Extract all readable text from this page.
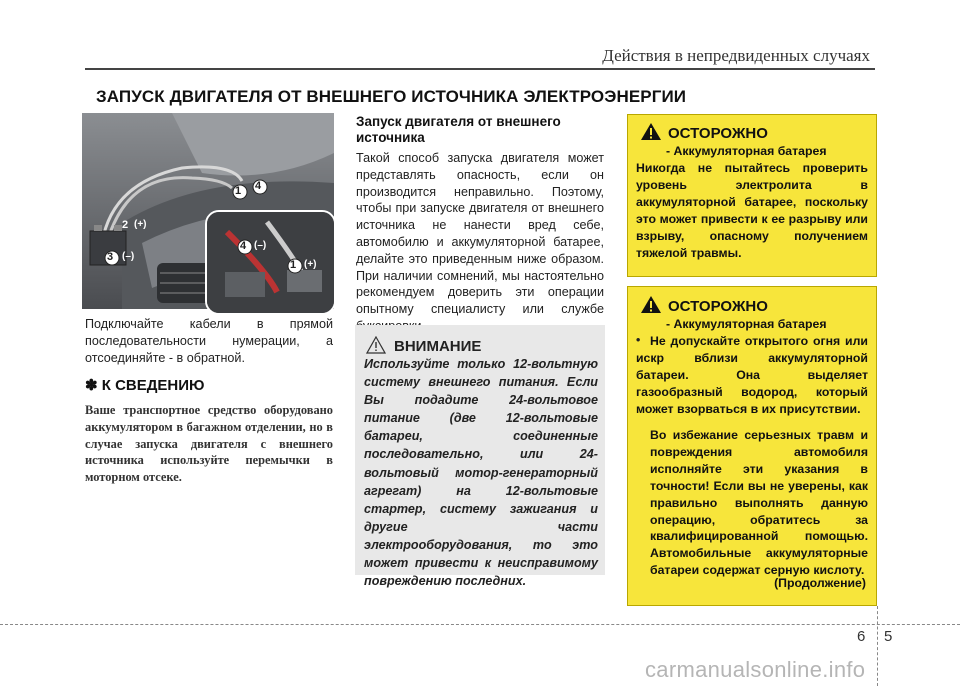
Действия в непредвиденных случаях
ЗАПУСК ДВИГАТЕЛЯ ОТ ВНЕШНЕГО ИСТОЧНИКА ЭЛЕКТРОЭНЕРГИИ
1 4
3 (–)
2 (+)
4 (–)
1 (+)
Подключайте кабели в прямой последовательности нумерации, а отсоединяйте - в обратной.
✽ К СВЕДЕНИЮ
Ваше транспортное средство оборудовано аккумулятором в багажном отделении, но в случае запуска двигателя с внешнего источника используйте перемычки в моторном отсеке.
Запуск двигателя от внешнего источника
Такой способ запуска двигателя может представлять опасность, если он производится неправильно. Поэтому, чтобы при запуске двигателя от внешнего источника не нанести вред себе, автомобилю и аккумуляторной батарее, делайте это приведенным ниже образом. При наличии сомнений, мы настоятельно рекомендуем доверить эти операции опытному специалисту или службе
ВНИМАНИЕ
Используйте только 12-вольтную систему внешнего питания. Если Вы подадите 24-вольтовое питание (две 12-вольтовые батареи, соединенные последовательно, или 24-вольтовый мотор-генераторный агрегат) на 12-вольтовые стартер, систему зажигания и другие части электрооборудования, то это может привести к неисправимому повреждению последних.
ОСТОРОЖНО
- Аккумуляторная батарея
Никогда не пытайтесь проверить уровень электролита в аккумуляторной батарее, поскольку это может привести к ее разрыву или взрыву, опасному получением тяжелой травмы.
ОСТОРОЖНО
- Аккумуляторная батарея
• Не допускайте открытого огня или искр вблизи аккумуляторной батареи. Она выделяет газообразный водород, который может взорваться в их присутствии.
Во избежание серьезных травм и повреждения автомобиля исполняйте эти указания в точности! Если вы не уверены, как правильно выполнять данную операцию, обратитесь за квалифицированной помощью. Автомобильные аккумуляторные батареи содержат серную кислоту.
(Продолжение)
6 5
carmanualsonline.info
